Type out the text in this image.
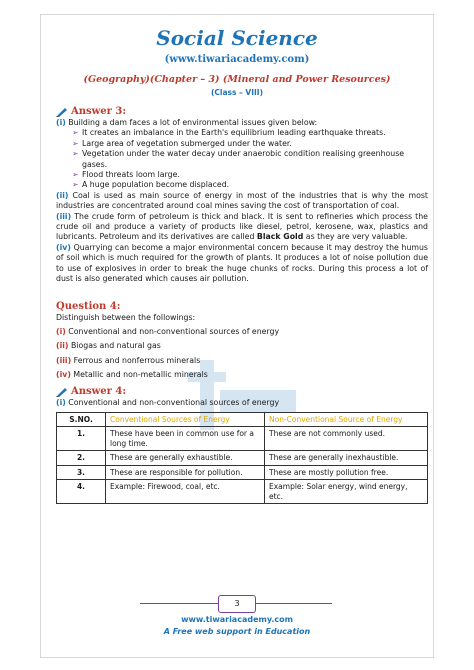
Social Science
(www.tiwariacademy.com)
(Geography)(Chapter – 3) (Mineral and Power Resources)
(Class – VIII)
Answer 3:

(i) Building a dam faces a lot of environmental issues given below:

➢ It creates an imbalance in the Earth's equilibrium leading earthquake threats.
➢ Large area of vegetation submerged under the water.
➢ Vegetation under the water decay under anaerobic condition realising greenhouse gases.
➢ Flood threats loom large.
➢ A huge population become displaced.

(ii) Coal is used as main source of energy in most of the industries that is why the most industries are concentrated around coal mines saving the cost of transportation of coal.

(iii) The crude form of petroleum is thick and black. It is sent to refineries which process the crude oil and produce a variety of products like diesel, petrol, kerosene, wax, plastics and lubricants. Petroleum and its derivatives are called Black Gold as they are very valuable.

(iv) Quarrying can become a major environmental concern because it may destroy the humus of soil which is much required for the growth of plants. It produces a lot of noise pollution due to use of explosives in order to break the huge chunks of rocks. During this process a lot of dust is also generated which causes air pollution.

Question 4:

Distinguish between the followings:

(i) Conventional and non-conventional sources of energy

(ii) Biogas and natural gas

(iii) Ferrous and nonferrous minerals

(iv) Metallic and non-metallic minerals

Answer 4:

(i) Conventional and non-conventional sources of energy

S.NO.	Conventional Sources of Energy	Non-Conventional Source of Energy
1.	These have been in common use for a long time.	These are not commonly used.
2.	These are generally exhaustible.	These are generally inexhaustible.
3.	These are responsible for pollution.	These are mostly pollution free.
4.	Example: Firewood, coal, etc.	Example: Solar energy, wind energy, etc.
3
www.tiwariacademy.com
A Free web support in Education
